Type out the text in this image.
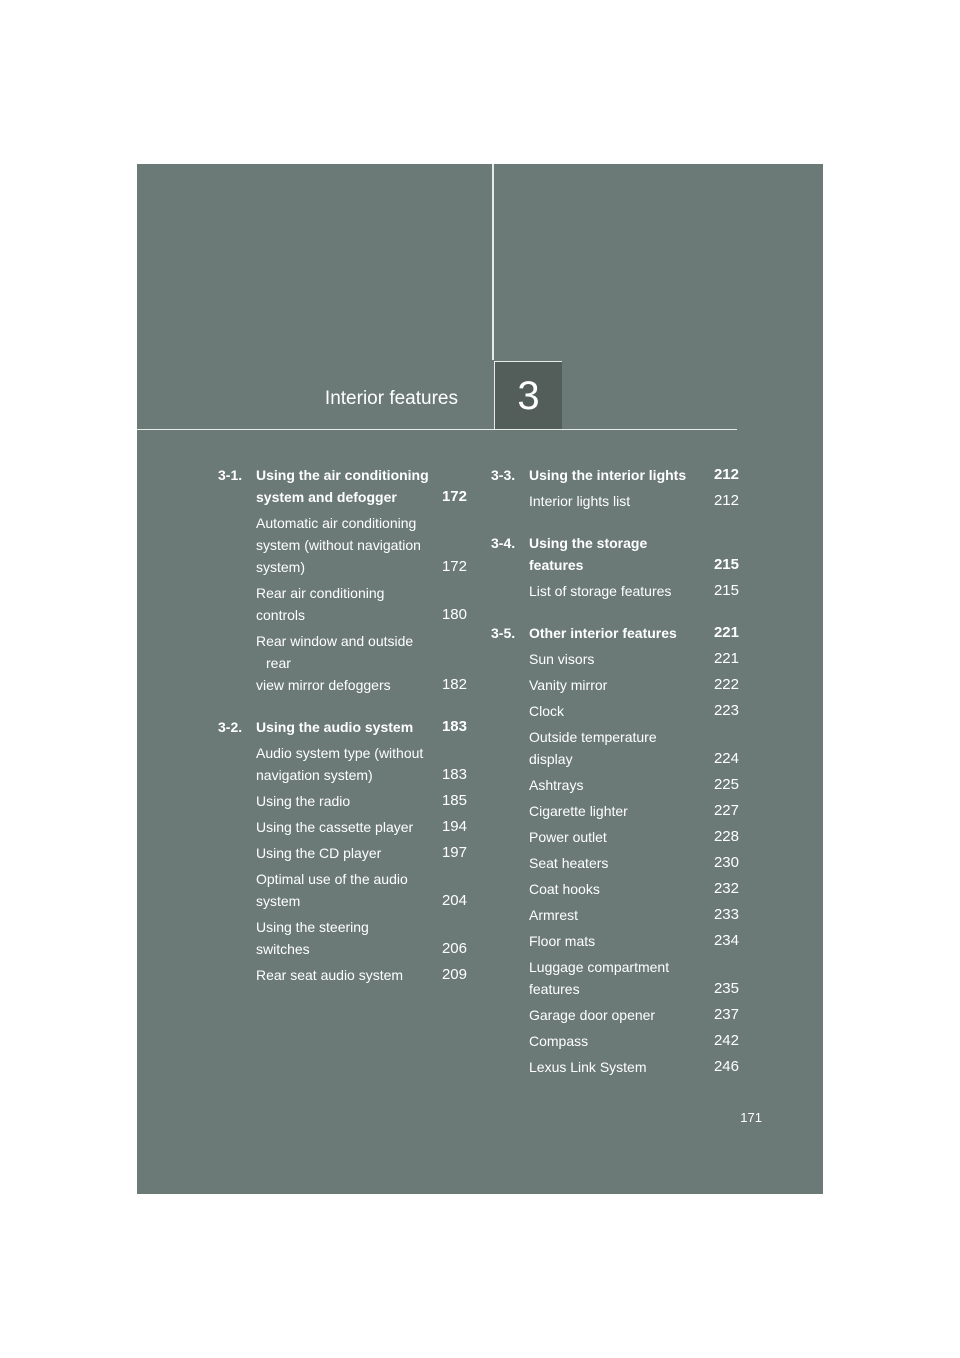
Interior features	3
3-1. Using the air conditioning
system and defogger	172
Automatic air conditioning
system (without navigation
system)	172
Rear air conditioning
controls	180
Rear window and outside rear
view mirror defoggers	182
3-2. Using the audio system 183
Audio system type (without
navigation system)	183
Using the radio	185
Using the cassette player	194
Using the CD player	197
Optimal use of the audio
system	204
Using the steering
switches	206
Rear seat audio system	209
3-3. Using the interior lights 212
Interior lights list	212
3-4. Using the storage
features	215
List of storage features	215
3-5. Other interior features 221
Sun visors	221
Vanity mirror	222
Clock	223
Outside temperature
display	224
Ashtrays	225
Cigarette lighter	227
Power outlet	228
Seat heaters	230
Coat hooks	232
Armrest	233
Floor mats	234
Luggage compartment
features	235
Garage door opener	237
Compass	242
Lexus Link System	246
171
